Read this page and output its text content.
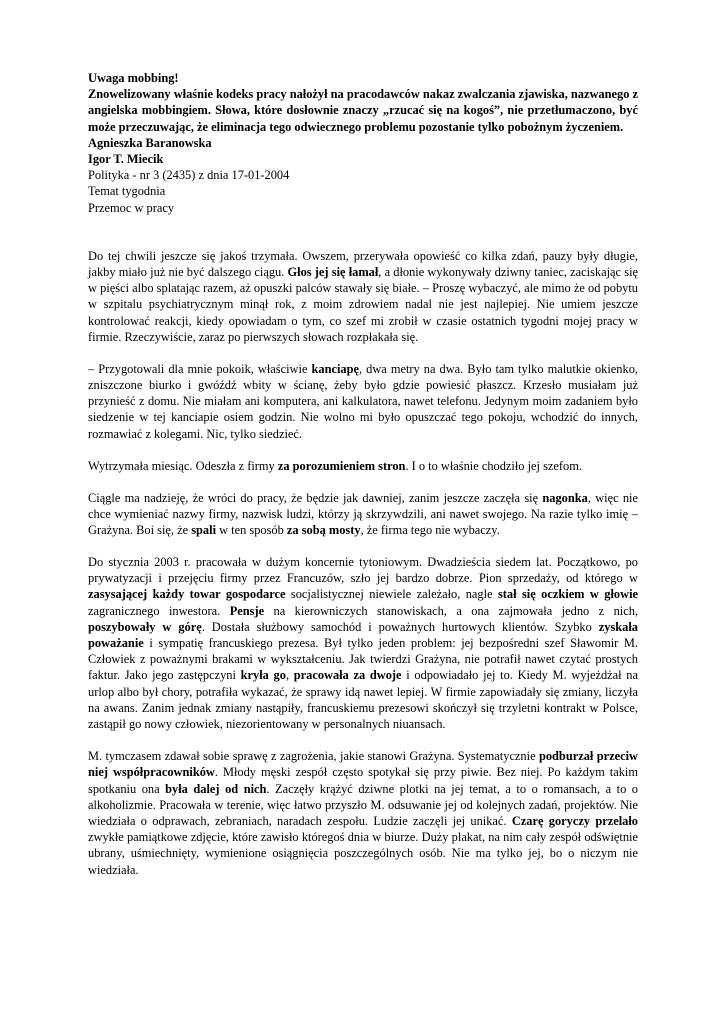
Uwaga mobbing!
Znowelizowany właśnie kodeks pracy nałożył na pracodawców nakaz zwalczania zjawiska, nazwanego z angielska mobbingiem. Słowa, które dosłownie znaczy „rzucać się na kogoś”, nie przetłumaczono, być może przeczuwając, że eliminacja tego odwiecznego problemu pozostanie tylko pobożnym życzeniem.
Agnieszka Baranowska
Igor T. Miecik
Polityka - nr 3 (2435) z dnia 17-01-2004
Temat tygodnia
Przemoc w pracy

Do tej chwili jeszcze się jakoś trzymała. Owszem, przerywała opowieść co kilka zdań, pauzy były długie, jakby miało już nie być dalszego ciągu. Głos jej się łamał, a dłonie wykonywały dziwny taniec, zaciskając się w pięści albo splatając razem, aż opuszki palców stawały się białe. – Proszę wybaczyć, ale mimo że od pobytu w szpitalu psychiatrycznym minął rok, z moim zdrowiem nadal nie jest najlepiej. Nie umiem jeszcze kontrolować reakcji, kiedy opowiadam o tym, co szef mi zrobił w czasie ostatnich tygodni mojej pracy w firmie. Rzeczywiście, zaraz po pierwszych słowach rozpłakała się.

– Przygotowali dla mnie pokoik, właściwie kanciapę, dwa metry na dwa. Było tam tylko malutkie okienko, zniszczone biurko i gwóźdź wbity w ścianę, żeby było gdzie powiesić płaszcz. Krzesło musiałam już przynieść z domu. Nie miałam ani komputera, ani kalkulatora, nawet telefonu. Jedynym moim zadaniem było siedzenie w tej kanciapie osiem godzin. Nie wolno mi było opuszczać tego pokoju, wchodzić do innych, rozmawiać z kolegami. Nic, tylko siedzieć.

Wytrzymała miesiąc. Odeszła z firmy za porozumieniem stron. I o to właśnie chodziło jej szefom.

Ciągle ma nadzieję, że wróci do pracy, że będzie jak dawniej, zanim jeszcze zaczęła się nagonka, więc nie chce wymieniać nazwy firmy, nazwisk ludzi, którzy ją skrzywdzili, ani nawet swojego. Na razie tylko imię – Grażyna. Boi się, że spali w ten sposób za sobą mosty, że firma tego nie wybaczy.

Do stycznia 2003 r. pracowała w dużym koncernie tytoniowym. Dwadzieścia siedem lat. Początkowo, po prywatyzacji i przejęciu firmy przez Francuzów, szło jej bardzo dobrze. Pion sprzedaży, od którego w zasysającej każdy towar gospodarce socjalistycznej niewiele zależało, nagle stał się oczkiem w głowie zagranicznego inwestora. Pensje na kierowniczych stanowiskach, a ona zajmowała jedno z nich, poszybowały w górę. Dostała służbowy samochód i poważnych hurtowych klientów. Szybko zyskała poważanie i sympatię francuskiego prezesa. Był tylko jeden problem: jej bezpośredni szef Sławomir M. Człowiek z poważnymi brakami w wykształceniu. Jak twierdzi Grażyna, nie potrafił nawet czytać prostych faktur. Jako jego zastępczyni kryła go, pracowała za dwoje i odpowiadało jej to. Kiedy M. wyjeżdżał na urlop albo był chory, potrafiła wykazać, że sprawy idą nawet lepiej. W firmie zapowiadały się zmiany, liczyła na awans. Zanim jednak zmiany nastąpiły, francuskiemu prezesowi skończył się trzyletni kontrakt w Polsce, zastąpił go nowy człowiek, niezorientowany w personalnych niuansach.

M. tymczasem zdawał sobie sprawę z zagrożenia, jakie stanowi Grażyna. Systematycznie podburzał przeciw niej współpracowników. Młody męski zespół często spotykał się przy piwie. Bez niej. Po każdym takim spotkaniu ona była dalej od nich. Zaczęły krążyć dziwne plotki na jej temat, a to o romansach, a to o alkoholizmie. Pracowała w terenie, więc łatwo przyszło M. odsuwanie jej od kolejnych zadań, projektów. Nie wiedziała o odprawach, zebraniach, naradach zespołu. Ludzie zaczęli jej unikać. Czarę goryczy przelało zwykłe pamiątkowe zdjęcie, które zawisło któregoś dnia w biurze. Duży plakat, na nim cały zespół odświętnie ubrany, uśmiechnięty, wymienione osiągnięcia poszczególnych osób. Nie ma tylko jej, bo o niczym nie wiedziała.
